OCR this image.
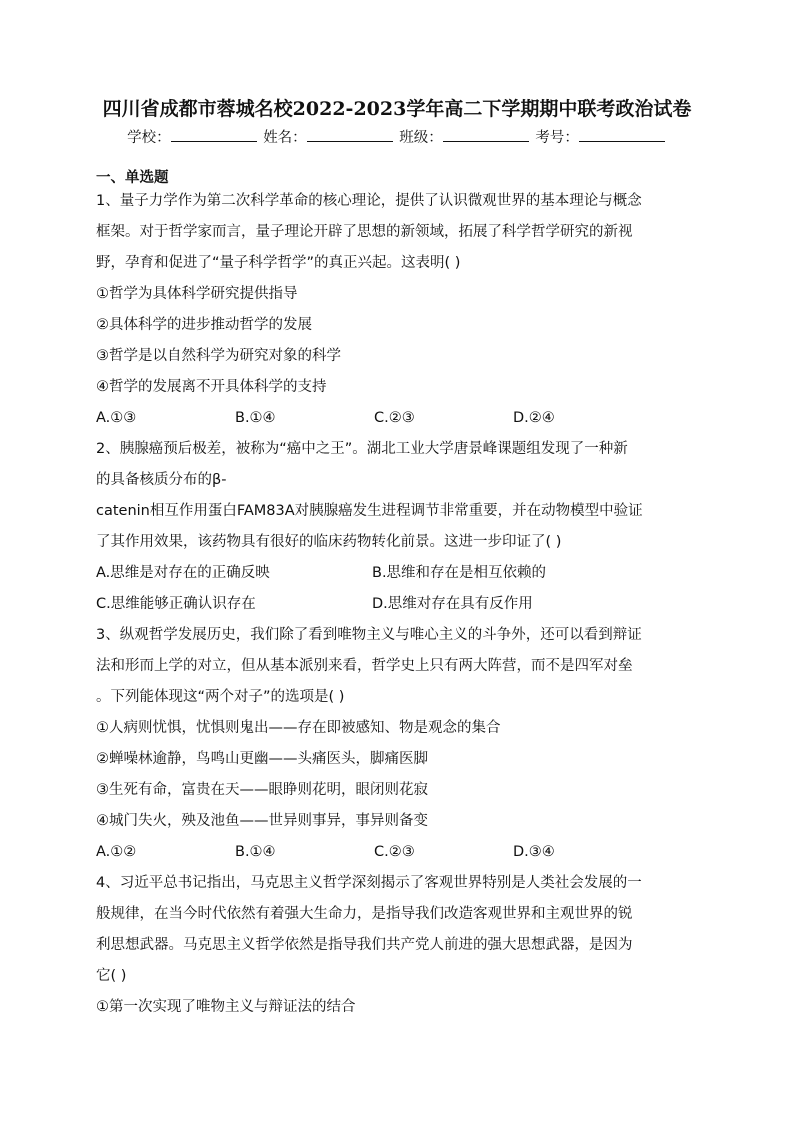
四川省成都市蓉城名校2022-2023学年高二下学期期中联考政治试卷
学校：	姓名：	班级：	考号：
一、单选题
1、量子力学作为第二次科学革命的核心理论，提供了认识微观世界的基本理论与概念
框架。对于哲学家而言，量子理论开辟了思想的新领域，拓展了科学哲学研究的新视
野，孕育和促进了“量子科学哲学”的真正兴起。这表明( )
①哲学为具体科学研究提供指导
②具体科学的进步推动哲学的发展
③哲学是以自然科学为研究对象的科学
④哲学的发展离不开具体科学的支持
A.①③	B.①④	C.②③	D.②④
2、胰腺癌预后极差，被称为“癌中之王”。湖北工业大学唐景峰课题组发现了一种新
的具备核质分布的β-
catenin相互作用蛋白FAM83A对胰腺癌发生进程调节非常重要，并在动物模型中验证
了其作用效果，该药物具有很好的临床药物转化前景。这进一步印证了( )
A.思维是对存在的正确反映	B.思维和存在是相互依赖的
C.思维能够正确认识存在	D.思维对存在具有反作用
3、纵观哲学发展历史，我们除了看到唯物主义与唯心主义的斗争外，还可以看到辩证
法和形而上学的对立，但从基本派别来看，哲学史上只有两大阵营，而不是四军对垒
。下列能体现这“两个对子”的选项是( )
①人病则忧惧，忧惧则鬼出——存在即被感知、物是观念的集合
②蝉噪林逾静，鸟鸣山更幽——头痛医头，脚痛医脚
③生死有命，富贵在天——眼睁则花明，眼闭则花寂
④城门失火，殃及池鱼——世异则事异，事异则备变
A.①②	B.①④	C.②③	D.③④
4、习近平总书记指出，马克思主义哲学深刻揭示了客观世界特别是人类社会发展的一
般规律，在当今时代依然有着强大生命力，是指导我们改造客观世界和主观世界的锐
利思想武器。马克思主义哲学依然是指导我们共产党人前进的强大思想武器，是因为
它( )
①第一次实现了唯物主义与辩证法的结合
